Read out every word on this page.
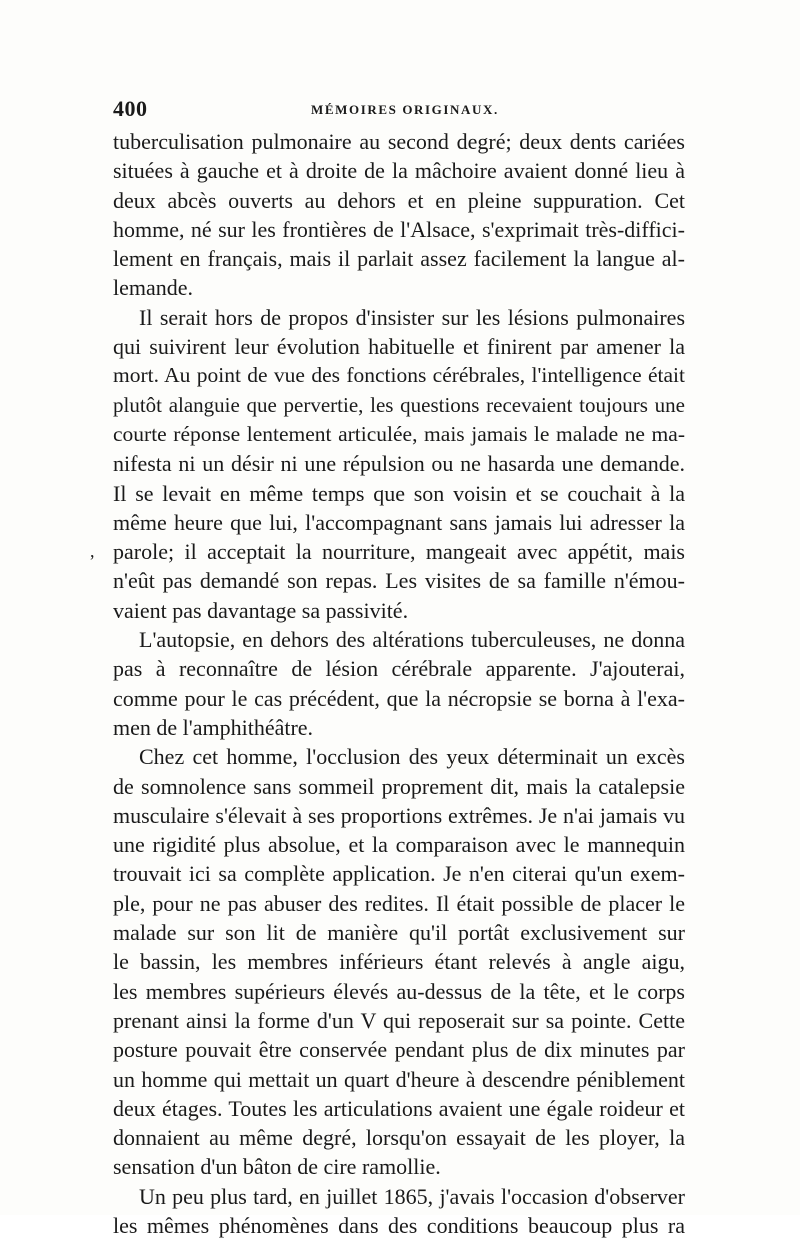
400	MÉMOIRES ORIGINAUX.
,
tuberculisation pulmonaire au second degré; deux dents cariées
situées à gauche et à droite de la mâchoire avaient donné lieu à
deux abcès ouverts au dehors et en pleine suppuration. Cet
homme, né sur les frontières de l'Alsace, s'exprimait très-diffici-
lement en français, mais il parlait assez facilement la langue al-
lemande.
Il serait hors de propos d'insister sur les lésions pulmonaires
qui suivirent leur évolution habituelle et finirent par amener la
mort. Au point de vue des fonctions cérébrales, l'intelligence était
plutôt alanguie que pervertie, les questions recevaient toujours une
courte réponse lentement articulée, mais jamais le malade ne ma-
nifesta ni un désir ni une répulsion ou ne hasarda une demande.
Il se levait en même temps que son voisin et se couchait à la
même heure que lui, l'accompagnant sans jamais lui adresser la
parole; il acceptait la nourriture, mangeait avec appétit, mais
n'eût pas demandé son repas. Les visites de sa famille n'émou-
vaient pas davantage sa passivité.
L'autopsie, en dehors des altérations tuberculeuses, ne donna
pas à reconnaître de lésion cérébrale apparente. J'ajouterai,
comme pour le cas précédent, que la nécropsie se borna à l'exa-
men de l'amphithéâtre.
Chez cet homme, l'occlusion des yeux déterminait un excès
de somnolence sans sommeil proprement dit, mais la catalepsie
musculaire s'élevait à ses proportions extrêmes. Je n'ai jamais vu
une rigidité plus absolue, et la comparaison avec le mannequin
trouvait ici sa complète application. Je n'en citerai qu'un exem-
ple, pour ne pas abuser des redites. Il était possible de placer le
malade sur son lit de manière qu'il portât exclusivement sur
le bassin, les membres inférieurs étant relevés à angle aigu,
les membres supérieurs élevés au-dessus de la tête, et le corps
prenant ainsi la forme d'un V qui reposerait sur sa pointe. Cette
posture pouvait être conservée pendant plus de dix minutes par
un homme qui mettait un quart d'heure à descendre péniblement
deux étages. Toutes les articulations avaient une égale roideur et
donnaient au même degré, lorsqu'on essayait de les ployer, la
sensation d'un bâton de cire ramollie.
Un peu plus tard, en juillet 1865, j'avais l'occasion d'observer
les mêmes phénomènes dans des conditions beaucoup plus ra
